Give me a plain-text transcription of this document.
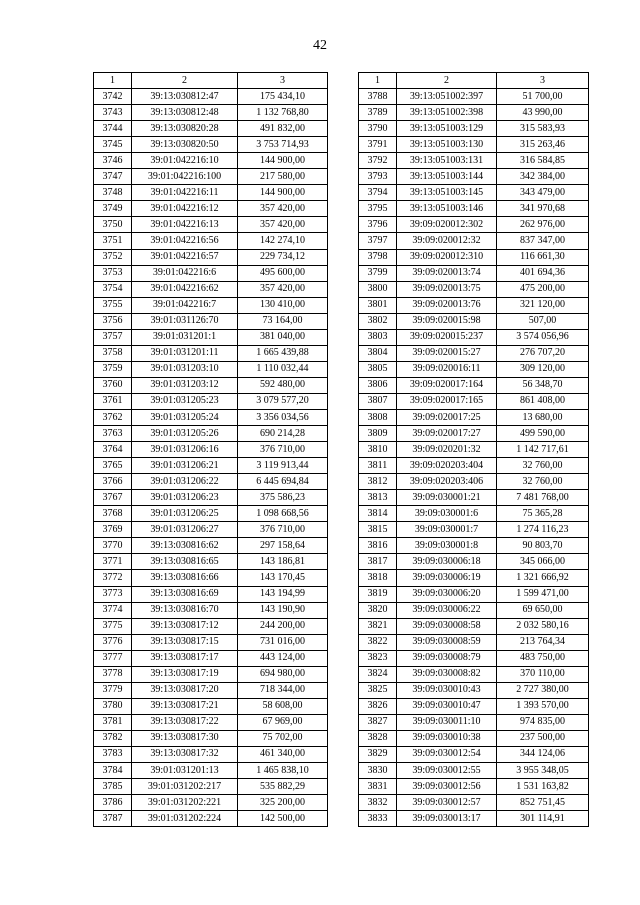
42
1	2	3
3742	39:13:030812:47	175 434,10
3743	39:13:030812:48	1 132 768,80
3744	39:13:030820:28	491 832,00
3745	39:13:030820:50	3 753 714,93
3746	39:01:042216:10	144 900,00
3747	39:01:042216:100	217 580,00
3748	39:01:042216:11	144 900,00
3749	39:01:042216:12	357 420,00
3750	39:01:042216:13	357 420,00
3751	39:01:042216:56	142 274,10
3752	39:01:042216:57	229 734,12
3753	39:01:042216:6	495 600,00
3754	39:01:042216:62	357 420,00
3755	39:01:042216:7	130 410,00
3756	39:01:031126:70	73 164,00
3757	39:01:031201:1	381 040,00
3758	39:01:031201:11	1 665 439,88
3759	39:01:031203:10	1 110 032,44
3760	39:01:031203:12	592 480,00
3761	39:01:031205:23	3 079 577,20
3762	39:01:031205:24	3 356 034,56
3763	39:01:031205:26	690 214,28
3764	39:01:031206:16	376 710,00
3765	39:01:031206:21	3 119 913,44
3766	39:01:031206:22	6 445 694,84
3767	39:01:031206:23	375 586,23
3768	39:01:031206:25	1 098 668,56
3769	39:01:031206:27	376 710,00
3770	39:13:030816:62	297 158,64
3771	39:13:030816:65	143 186,81
3772	39:13:030816:66	143 170,45
3773	39:13:030816:69	143 194,99
3774	39:13:030816:70	143 190,90
3775	39:13:030817:12	244 200,00
3776	39:13:030817:15	731 016,00
3777	39:13:030817:17	443 124,00
3778	39:13:030817:19	694 980,00
3779	39:13:030817:20	718 344,00
3780	39:13:030817:21	58 608,00
3781	39:13:030817:22	67 969,00
3782	39:13:030817:30	75 702,00
3783	39:13:030817:32	461 340,00
3784	39:01:031201:13	1 465 838,10
3785	39:01:031202:217	535 882,29
3786	39:01:031202:221	325 200,00
3787	39:01:031202:224	142 500,00
1	2	3
3788	39:13:051002:397	51 700,00
3789	39:13:051002:398	43 990,00
3790	39:13:051003:129	315 583,93
3791	39:13:051003:130	315 263,46
3792	39:13:051003:131	316 584,85
3793	39:13:051003:144	342 384,00
3794	39:13:051003:145	343 479,00
3795	39:13:051003:146	341 970,68
3796	39:09:020012:302	262 976,00
3797	39:09:020012:32	837 347,00
3798	39:09:020012:310	116 661,30
3799	39:09:020013:74	401 694,36
3800	39:09:020013:75	475 200,00
3801	39:09:020013:76	321 120,00
3802	39:09:020015:98	507,00
3803	39:09:020015:237	3 574 056,96
3804	39:09:020015:27	276 707,20
3805	39:09:020016:11	309 120,00
3806	39:09:020017:164	56 348,70
3807	39:09:020017:165	861 408,00
3808	39:09:020017:25	13 680,00
3809	39:09:020017:27	499 590,00
3810	39:09:020201:32	1 142 717,61
3811	39:09:020203:404	32 760,00
3812	39:09:020203:406	32 760,00
3813	39:09:030001:21	7 481 768,00
3814	39:09:030001:6	75 365,28
3815	39:09:030001:7	1 274 116,23
3816	39:09:030001:8	90 803,70
3817	39:09:030006:18	345 066,00
3818	39:09:030006:19	1 321 666,92
3819	39:09:030006:20	1 599 471,00
3820	39:09:030006:22	69 650,00
3821	39:09:030008:58	2 032 580,16
3822	39:09:030008:59	213 764,34
3823	39:09:030008:79	483 750,00
3824	39:09:030008:82	370 110,00
3825	39:09:030010:43	2 727 380,00
3826	39:09:030010:47	1 393 570,00
3827	39:09:030011:10	974 835,00
3828	39:09:030010:38	237 500,00
3829	39:09:030012:54	344 124,06
3830	39:09:030012:55	3 955 348,05
3831	39:09:030012:56	1 531 163,82
3832	39:09:030012:57	852 751,45
3833	39:09:030013:17	301 114,91
